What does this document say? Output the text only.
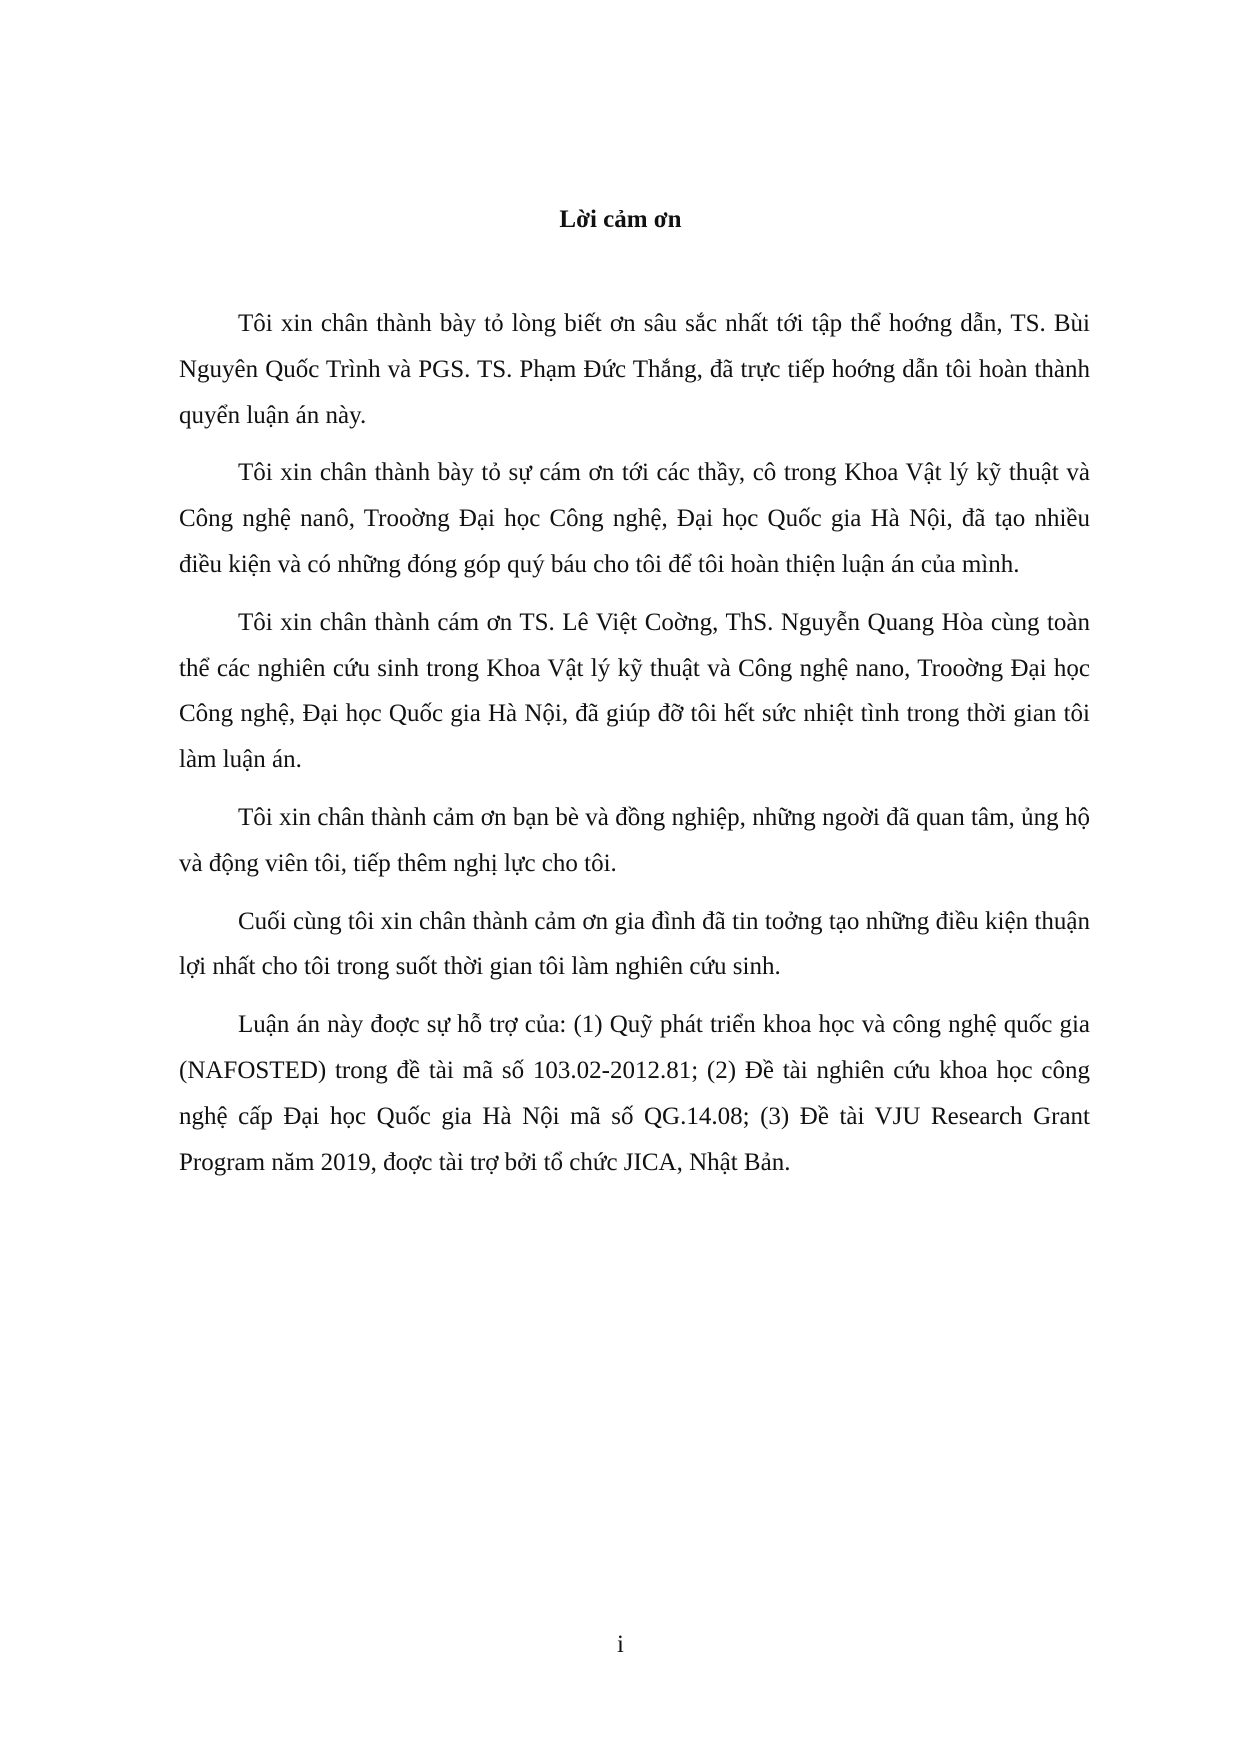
Lời cảm ơn

Tôi xin chân thành bày tỏ lòng biết ơn sâu sắc nhất tới tập thể hoớng dẫn, TS. Bùi Nguyên Quốc Trình và PGS. TS. Phạm Đức Thắng, đã trực tiếp hoớng dẫn tôi hoàn thành quyển luận án này.

Tôi xin chân thành bày tỏ sự cám ơn tới các thầy, cô trong Khoa Vật lý kỹ thuật và Công nghệ nanô, Trooờng Đại học Công nghệ, Đại học Quốc gia Hà Nội, đã tạo nhiều điều kiện và có những đóng góp quý báu cho tôi để tôi hoàn thiện luận án của mình.

Tôi xin chân thành cám ơn TS. Lê Việt Coờng, ThS. Nguyễn Quang Hòa cùng toàn thể các nghiên cứu sinh trong Khoa Vật lý kỹ thuật và Công nghệ nano, Trooờng Đại học Công nghệ, Đại học Quốc gia Hà Nội, đã giúp đỡ tôi hết sức nhiệt tình trong thời gian tôi làm luận án.

Tôi xin chân thành cảm ơn bạn bè và đồng nghiệp, những ngoời đã quan tâm, ủng hộ và động viên tôi, tiếp thêm nghị lực cho tôi.

Cuối cùng tôi xin chân thành cảm ơn gia đình đã tin toởng tạo những điều kiện thuận lợi nhất cho tôi trong suốt thời gian tôi làm nghiên cứu sinh.

Luận án này đoợc sự hỗ trợ của: (1) Quỹ phát triển khoa học và công nghệ quốc gia (NAFOSTED) trong đề tài mã số 103.02-2012.81; (2) Đề tài nghiên cứu khoa học công nghệ cấp Đại học Quốc gia Hà Nội mã số QG.14.08; (3) Đề tài VJU Research Grant Program năm 2019, đoợc tài trợ bởi tổ chức JICA, Nhật Bản.

i
